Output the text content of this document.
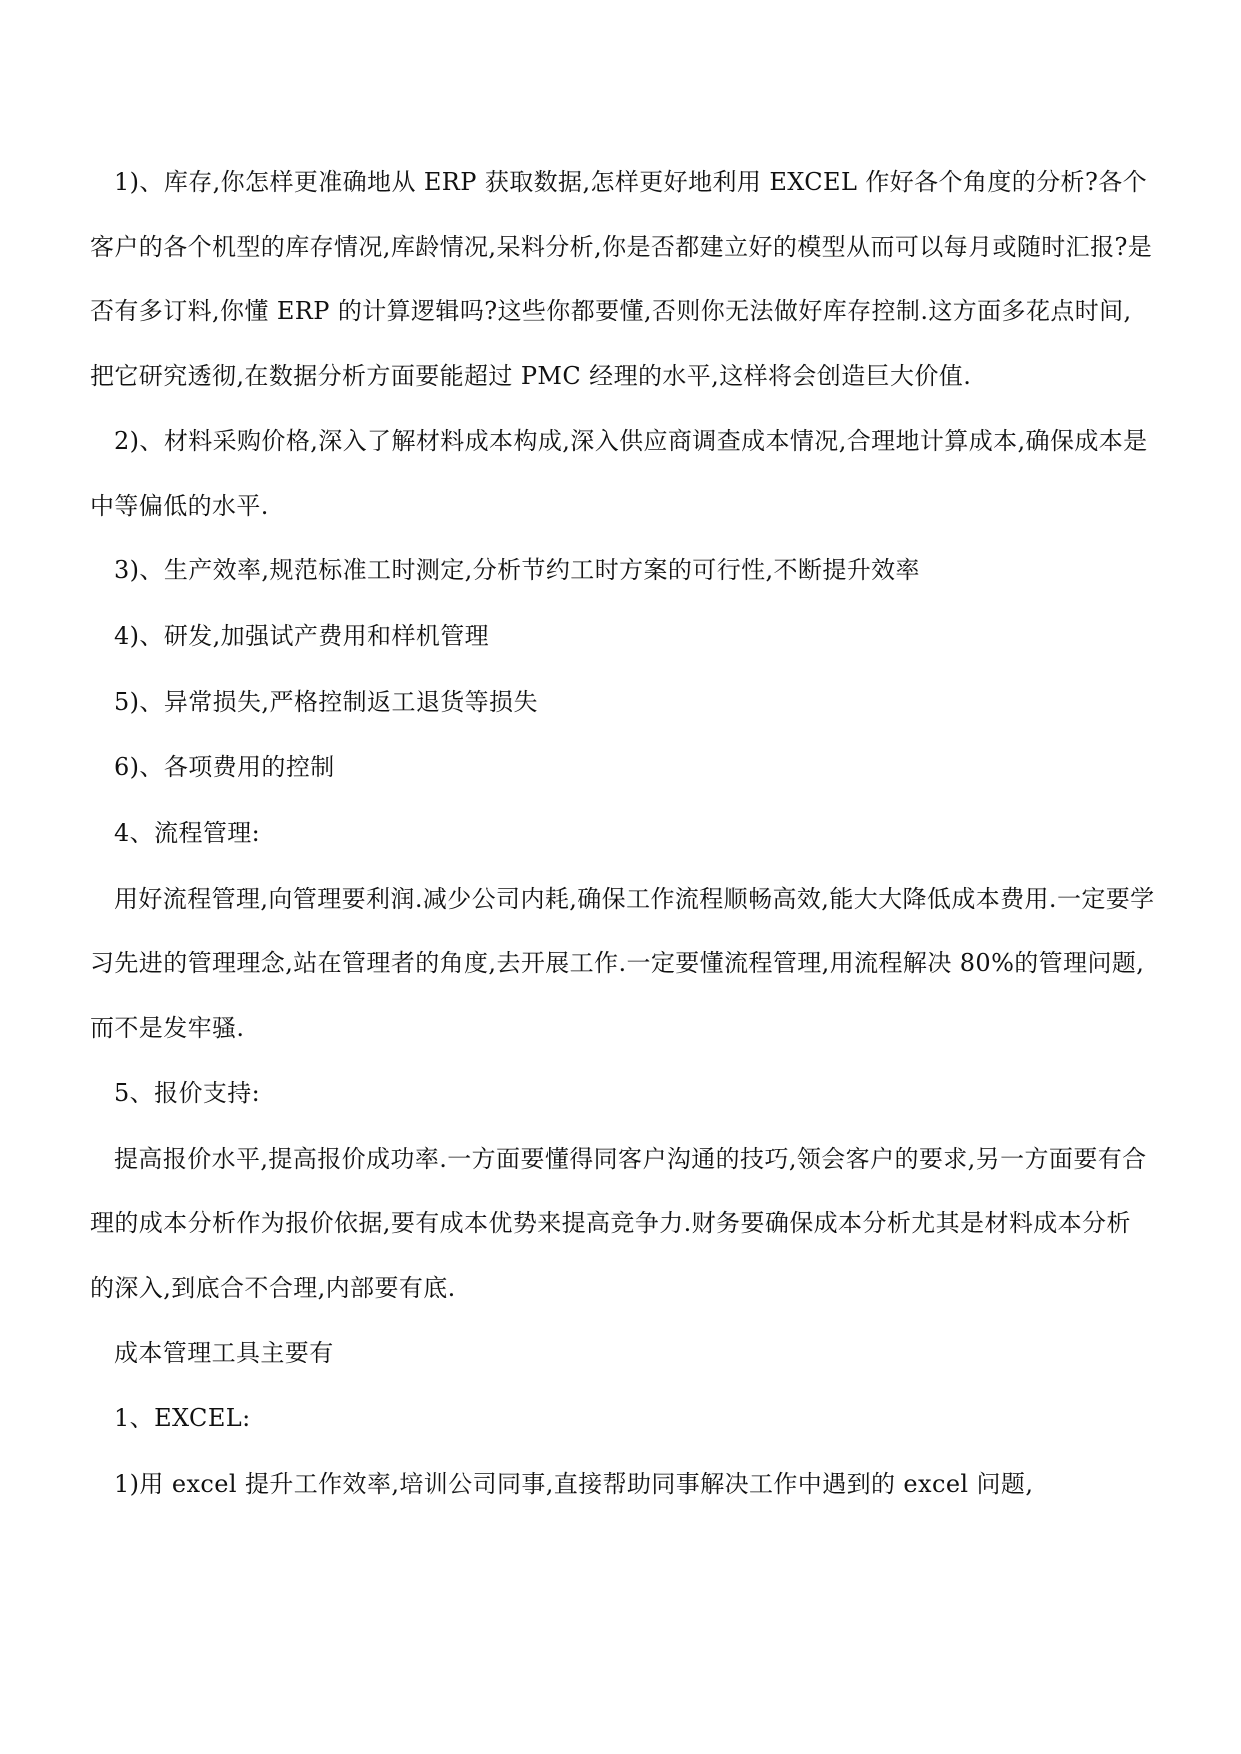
1)、库存,你怎样更准确地从 ERP 获取数据,怎样更好地利用 EXCEL 作好各个角度的分析?各个客户的各个机型的库存情况,库龄情况,呆料分析,你是否都建立好的模型从而可以每月或随时汇报?是否有多订料,你懂 ERP 的计算逻辑吗?这些你都要懂,否则你无法做好库存控制.这方面多花点时间,把它研究透彻,在数据分析方面要能超过 PMC 经理的水平,这样将会创造巨大价值.

2)、材料采购价格,深入了解材料成本构成,深入供应商调查成本情况,合理地计算成本,确保成本是中等偏低的水平.

3)、生产效率,规范标准工时测定,分析节约工时方案的可行性,不断提升效率

4)、研发,加强试产费用和样机管理

5)、异常损失,严格控制返工退货等损失

6)、各项费用的控制

4、流程管理:

用好流程管理,向管理要利润.减少公司内耗,确保工作流程顺畅高效,能大大降低成本费用.一定要学习先进的管理理念,站在管理者的角度,去开展工作.一定要懂流程管理,用流程解决 80%的管理问题,而不是发牢骚.

5、报价支持:

提高报价水平,提高报价成功率.一方面要懂得同客户沟通的技巧,领会客户的要求,另一方面要有合理的成本分析作为报价依据,要有成本优势来提高竞争力.财务要确保成本分析尤其是材料成本分析的深入,到底合不合理,内部要有底.

成本管理工具主要有

1、EXCEL:

1)用 excel 提升工作效率,培训公司同事,直接帮助同事解决工作中遇到的 excel 问题,
